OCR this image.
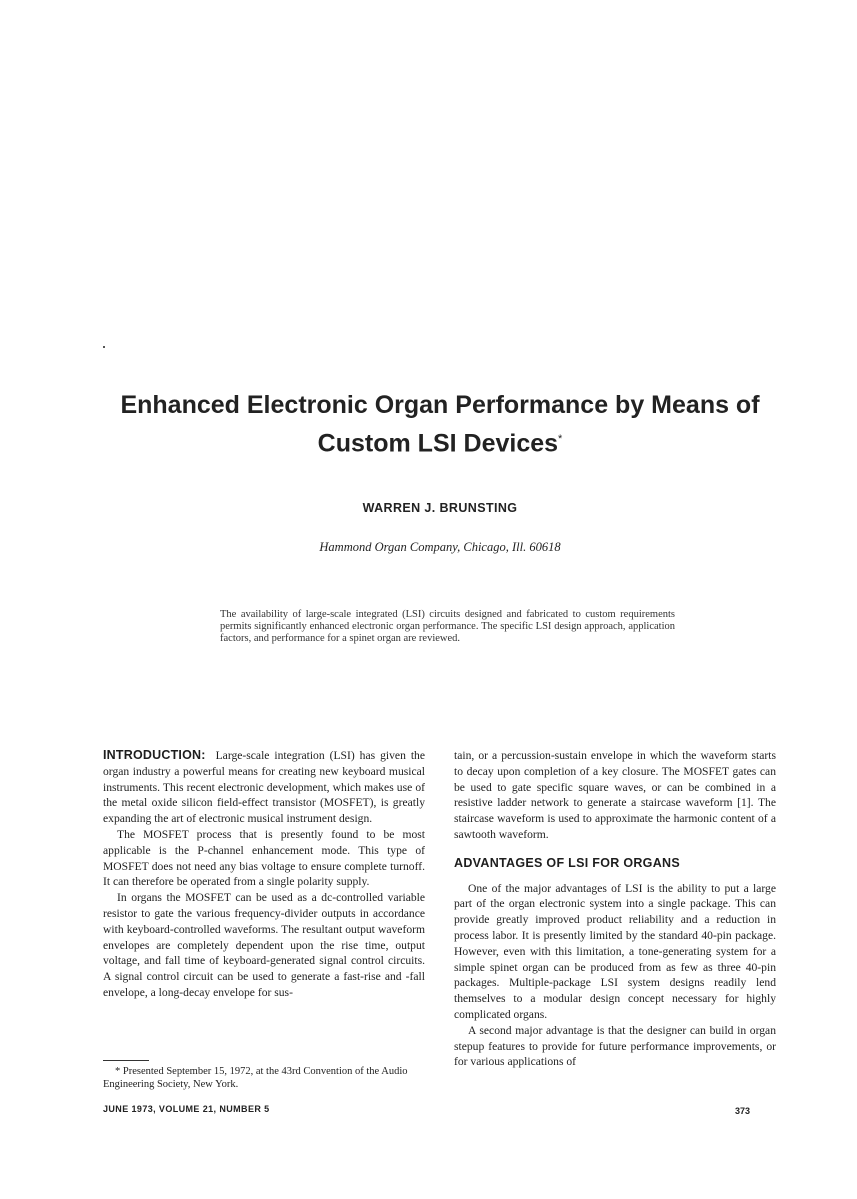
Enhanced Electronic Organ Performance by Means of
Custom LSI Devices*
WARREN J. BRUNSTING
Hammond Organ Company, Chicago, Ill. 60618

The availability of large-scale integrated (LSI) circuits designed and fabricated to custom requirements permits significantly enhanced electronic organ performance. The specific LSI design approach, application factors, and performance for a spinet organ are reviewed.

INTRODUCTION: Large-scale integration (LSI) has given the organ industry a powerful means for creating new keyboard musical instruments. This recent electronic development, which makes use of the metal oxide silicon field-effect transistor (MOSFET), is greatly expanding the art of electronic musical instrument design.

The MOSFET process that is presently found to be most applicable is the P-channel enhancement mode. This type of MOSFET does not need any bias voltage to ensure complete turnoff. It can therefore be operated from a single polarity supply.

In organs the MOSFET can be used as a dc-controlled variable resistor to gate the various frequency-divider outputs in accordance with keyboard-controlled waveforms. The resultant output waveform envelopes are completely dependent upon the rise time, output voltage, and fall time of keyboard-generated signal control circuits. A signal control circuit can be used to generate a fast-rise and -fall envelope, a long-decay envelope for sus-

tain, or a percussion-sustain envelope in which the waveform starts to decay upon completion of a key closure. The MOSFET gates can be used to gate specific square waves, or can be combined in a resistive ladder network to generate a staircase waveform [1]. The staircase waveform is used to approximate the harmonic content of a sawtooth waveform.

ADVANTAGES OF LSI FOR ORGANS

One of the major advantages of LSI is the ability to put a large part of the organ electronic system into a single package. This can provide greatly improved product reliability and a reduction in process labor. It is presently limited by the standard 40-pin package. However, even with this limitation, a tone-generating system for a simple spinet organ can be produced from as few as three 40-pin packages. Multiple-package LSI system designs readily lend themselves to a modular design concept necessary for highly complicated organs.

A second major advantage is that the designer can build in organ stepup features to provide for future performance improvements, or for various applications of

* Presented September 15, 1972, at the 43rd Convention of the Audio Engineering Society, New York.

JUNE 1973, VOLUME 21, NUMBER 5	373
